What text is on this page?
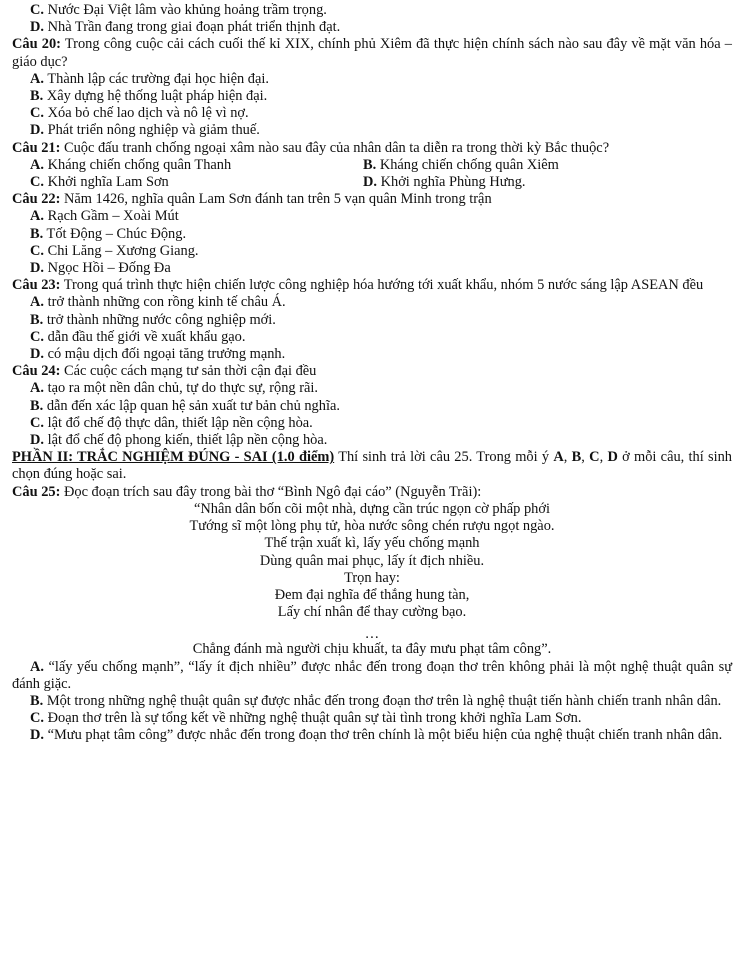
C. Nước Đại Việt lâm vào khủng hoảng trầm trọng.
D. Nhà Trần đang trong giai đoạn phát triển thịnh đạt.
Câu 20: Trong công cuộc cải cách cuối thế kỉ XIX, chính phủ Xiêm đã thực hiện chính sách nào sau đây về mặt văn hóa – giáo dục?
A. Thành lập các trường đại học hiện đại.
B. Xây dựng hệ thống luật pháp hiện đại.
C. Xóa bỏ chế lao dịch và nô lệ vì nợ.
D. Phát triển nông nghiệp và giảm thuế.
Câu 21: Cuộc đấu tranh chống ngoại xâm nào sau đây của nhân dân ta diễn ra trong thời kỳ Bắc thuộc?
A. Kháng chiến chống quân Thanh	B. Kháng chiến chống quân Xiêm
C. Khởi nghĩa Lam Sơn	D. Khởi nghĩa Phùng Hưng.
Câu 22: Năm 1426, nghĩa quân Lam Sơn đánh tan trên 5 vạn quân Minh trong trận
A. Rạch Gầm – Xoài Mút
B. Tốt Động – Chúc Động.
C. Chi Lăng – Xương Giang.
D. Ngọc Hồi – Đống Đa
Câu 23: Trong quá trình thực hiện chiến lược công nghiệp hóa hướng tới xuất khẩu, nhóm 5 nước sáng lập ASEAN đều
A. trở thành những con rồng kinh tế châu Á.
B. trở thành những nước công nghiệp mới.
C. dẫn đầu thế giới về xuất khẩu gạo.
D. có mậu dịch đối ngoại tăng trưởng mạnh.
Câu 24: Các cuộc cách mạng tư sản thời cận đại đều
A. tạo ra một nền dân chủ, tự do thực sự, rộng rãi.
B. dẫn đến xác lập quan hệ sản xuất tư bản chủ nghĩa.
C. lật đổ chế độ thực dân, thiết lập nền cộng hòa.
D. lật đổ chế độ phong kiến, thiết lập nền cộng hòa.
PHẦN II: TRẮC NGHIỆM ĐÚNG - SAI (1.0 điểm) Thí sinh trả lời câu 25. Trong mỗi ý A, B, C, D ở mỗi câu, thí sinh chọn đúng hoặc sai.
Câu 25: Đọc đoạn trích sau đây trong bài thơ “Bình Ngô đại cáo” (Nguyễn Trãi):
“Nhân dân bốn cõi một nhà, dựng cần trúc ngọn cờ phấp phới
Tướng sĩ một lòng phụ tử, hòa nước sông chén rượu ngọt ngào.
Thế trận xuất kì, lấy yếu chống mạnh
Dùng quân mai phục, lấy ít địch nhiều.
Trọn hay:
Đem đại nghĩa để thắng hung tàn,
Lấy chí nhân để thay cường bạo.
…
Chẳng đánh mà người chịu khuất, ta đây mưu phạt tâm công”.
A. “lấy yếu chống mạnh”, “lấy ít địch nhiều” được nhắc đến trong đoạn thơ trên không phải là một nghệ thuật quân sự đánh giặc.
B. Một trong những nghệ thuật quân sự được nhắc đến trong đoạn thơ trên là nghệ thuật tiến hành chiến tranh nhân dân.
C. Đoạn thơ trên là sự tổng kết về những nghệ thuật quân sự tài tình trong khởi nghĩa Lam Sơn.
D. “Mưu phạt tâm công” được nhắc đến trong đoạn thơ trên chính là một biểu hiện của nghệ thuật chiến tranh nhân dân.
